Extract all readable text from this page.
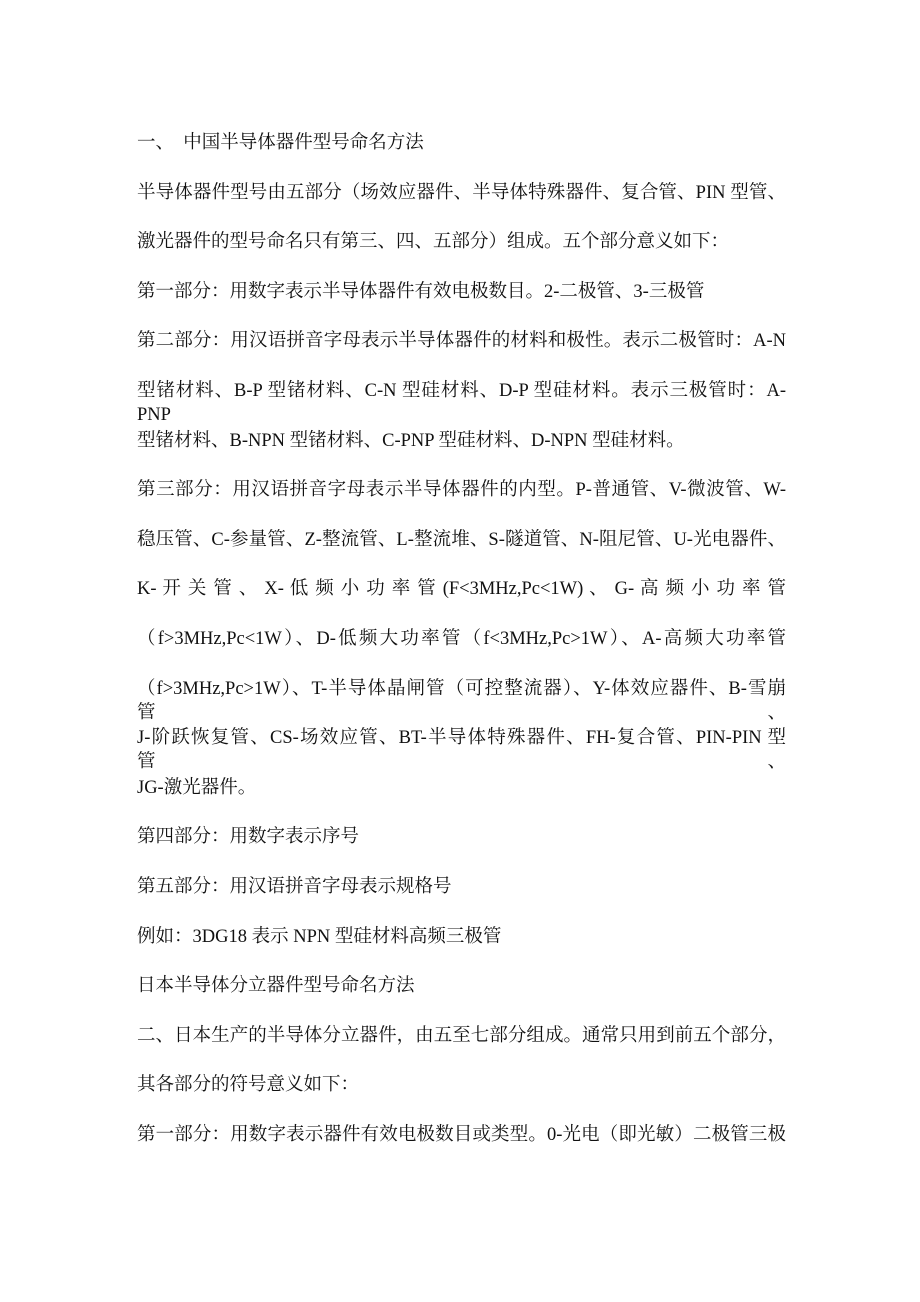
一、  中国半导体器件型号命名方法
半导体器件型号由五部分（场效应器件、半导体特殊器件、复合管、PIN 型管、
激光器件的型号命名只有第三、四、五部分）组成。五个部分意义如下：
第一部分：用数字表示半导体器件有效电极数目。2-二极管、3-三极管
第二部分：用汉语拼音字母表示半导体器件的材料和极性。表示二极管时：A-N
型锗材料、B-P 型锗材料、C-N 型硅材料、D-P 型硅材料。表示三极管时：A-PNP
型锗材料、B-NPN 型锗材料、C-PNP 型硅材料、D-NPN 型硅材料。
第三部分：用汉语拼音字母表示半导体器件的内型。P-普通管、V-微波管、W-
稳压管、C-参量管、Z-整流管、L-整流堆、S-隧道管、N-阻尼管、U-光电器件、
K- 开 关 管 、 X- 低 频 小 功 率 管 (F<3MHz,Pc<1W) 、 G- 高 频 小 功 率 管
（f>3MHz,Pc<1W）、D-低频大功率管（f<3MHz,Pc>1W）、A-高频大功率管
（f>3MHz,Pc>1W）、T-半导体晶闸管（可控整流器）、Y-体效应器件、B-雪崩管、
J-阶跃恢复管、CS-场效应管、BT-半导体特殊器件、FH-复合管、PIN-PIN 型管、
JG-激光器件。
第四部分：用数字表示序号
第五部分：用汉语拼音字母表示规格号
例如：3DG18 表示 NPN 型硅材料高频三极管
日本半导体分立器件型号命名方法
二、日本生产的半导体分立器件，由五至七部分组成。通常只用到前五个部分，
其各部分的符号意义如下：
第一部分：用数字表示器件有效电极数目或类型。0-光电（即光敏）二极管三极
